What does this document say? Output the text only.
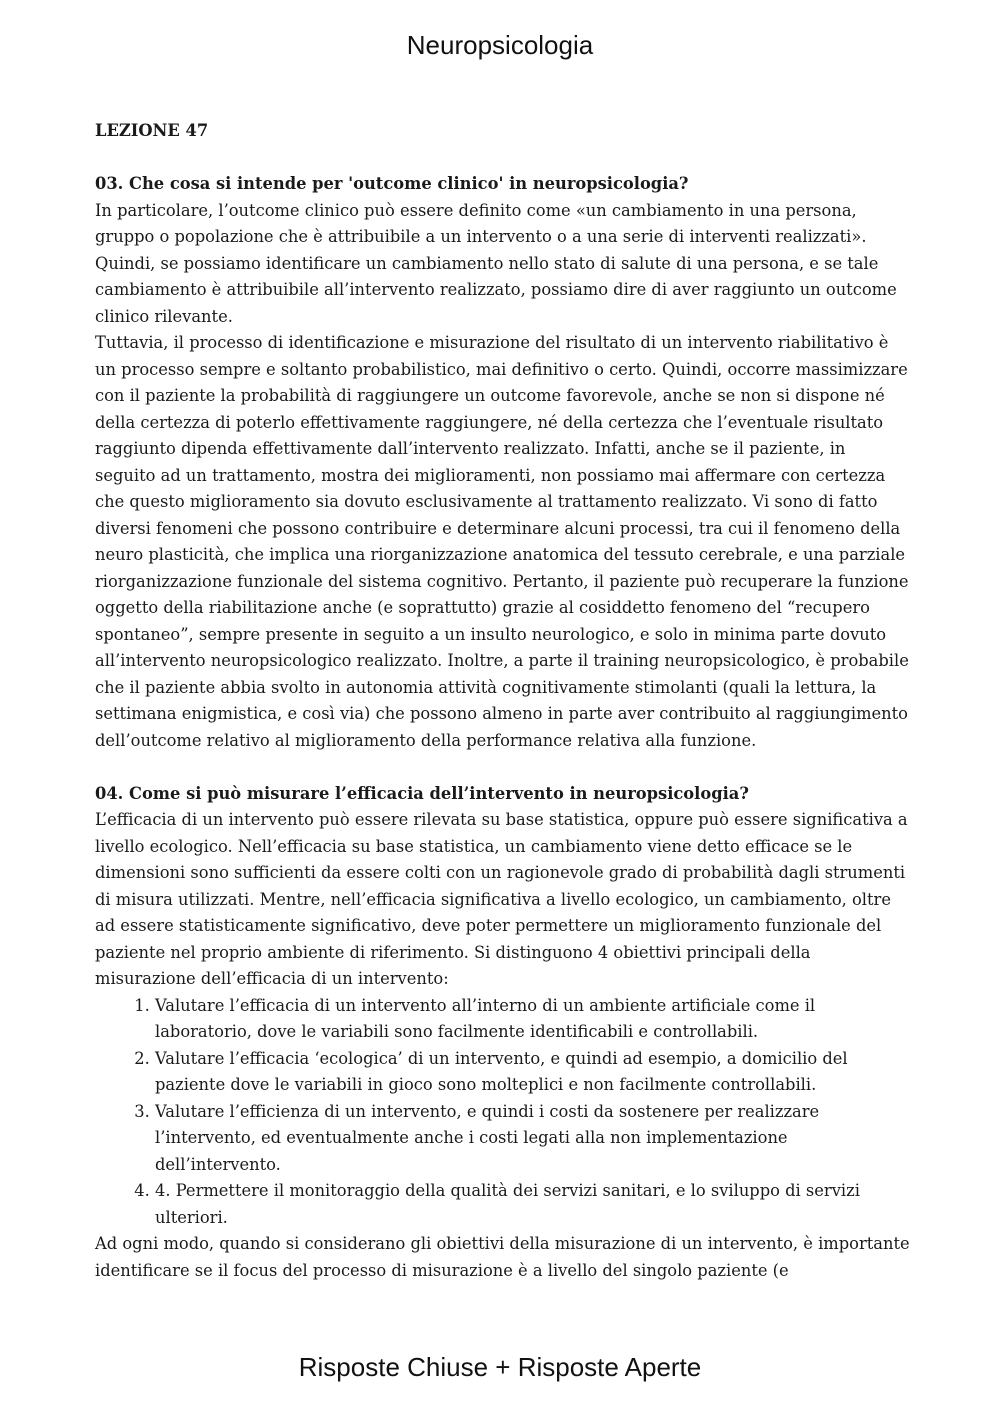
Neuropsicologia

LEZIONE 47

03. Che cosa si intende per 'outcome clinico' in neuropsicologia?

In particolare, l’outcome clinico può essere definito come «un cambiamento in una persona, gruppo o popolazione che è attribuibile a un intervento o a una serie di interventi realizzati». Quindi, se possiamo identificare un cambiamento nello stato di salute di una persona, e se tale cambiamento è attribuibile all’intervento realizzato, possiamo dire di aver raggiunto un outcome clinico rilevante.

Tuttavia, il processo di identificazione e misurazione del risultato di un intervento riabilitativo è un processo sempre e soltanto probabilistico, mai definitivo o certo. Quindi, occorre massimizzare con il paziente la probabilità di raggiungere un outcome favorevole, anche se non si dispone né della certezza di poterlo effettivamente raggiungere, né della certezza che l’eventuale risultato raggiunto dipenda effettivamente dall’intervento realizzato. Infatti, anche se il paziente, in seguito ad un trattamento, mostra dei miglioramenti, non possiamo mai affermare con certezza che questo miglioramento sia dovuto esclusivamente al trattamento realizzato. Vi sono di fatto diversi fenomeni che possono contribuire e determinare alcuni processi, tra cui il fenomeno della neuro plasticità, che implica una riorganizzazione anatomica del tessuto cerebrale, e una parziale riorganizzazione funzionale del sistema cognitivo. Pertanto, il paziente può recuperare la funzione oggetto della riabilitazione anche (e soprattutto) grazie al cosiddetto fenomeno del “recupero spontaneo”, sempre presente in seguito a un insulto neurologico, e solo in minima parte dovuto all’intervento neuropsicologico realizzato. Inoltre, a parte il training neuropsicologico, è probabile che il paziente abbia svolto in autonomia attività cognitivamente stimolanti (quali la lettura, la settimana enigmistica, e così via) che possono almeno in parte aver contribuito al raggiungimento dell’outcome relativo al miglioramento della performance relativa alla funzione.

04. Come si può misurare l’efficacia dell’intervento in neuropsicologia?

L’efficacia di un intervento può essere rilevata su base statistica, oppure può essere significativa a livello ecologico. Nell’efficacia su base statistica, un cambiamento viene detto efficace se le dimensioni sono sufficienti da essere colti con un ragionevole grado di probabilità dagli strumenti di misura utilizzati. Mentre, nell’efficacia significativa a livello ecologico, un cambiamento, oltre ad essere statisticamente significativo, deve poter permettere un miglioramento funzionale del paziente nel proprio ambiente di riferimento. Si distinguono 4 obiettivi principali della misurazione dell’efficacia di un intervento:

1. Valutare l’efficacia di un intervento all’interno di un ambiente artificiale come il laboratorio, dove le variabili sono facilmente identificabili e controllabili.
2. Valutare l’efficacia ‘ecologica’ di un intervento, e quindi ad esempio, a domicilio del paziente dove le variabili in gioco sono molteplici e non facilmente controllabili.
3. Valutare l’efficienza di un intervento, e quindi i costi da sostenere per realizzare l’intervento, ed eventualmente anche i costi legati alla non implementazione dell’intervento.
4. 4. Permettere il monitoraggio della qualità dei servizi sanitari, e lo sviluppo di servizi ulteriori.

Ad ogni modo, quando si considerano gli obiettivi della misurazione di un intervento, è importante identificare se il focus del processo di misurazione è a livello del singolo paziente (e

Risposte Chiuse + Risposte Aperte
